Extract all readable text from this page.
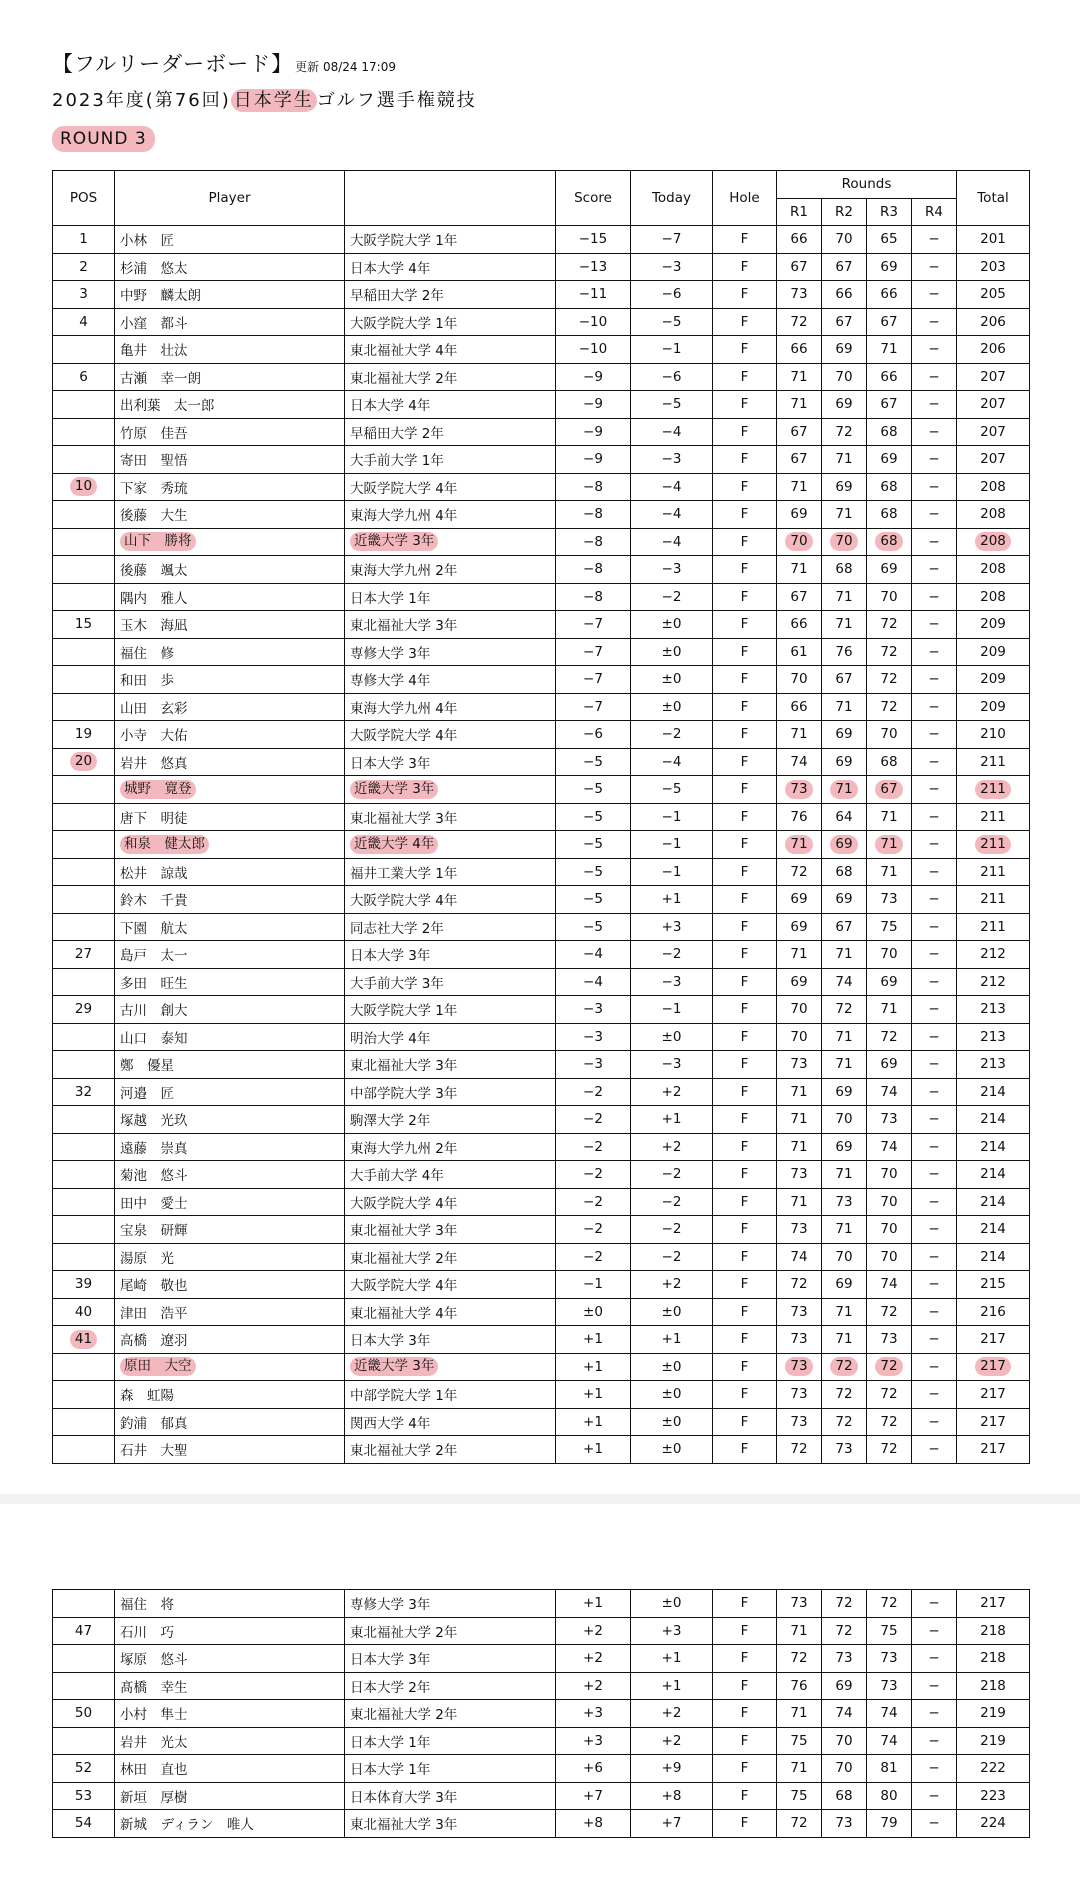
【フルリーダーボード】 更新 08/24 17:09
2023年度(第76回) 日本学生 ゴルフ選手権競技
ROUND 3
POS	Player		Score	Today	Hole	Rounds				Total
						R1	R2	R3	R4	
1	小林　匠	大阪学院大学 1年	−15	−7	F	66	70	65	−	201
2	杉浦　悠太	日本大学 4年	−13	−3	F	67	67	69	−	203
3	中野　麟太朗	早稲田大学 2年	−11	−6	F	73	66	66	−	205
4	小窪　都斗	大阪学院大学 1年	−10	−5	F	72	67	67	−	206
	亀井　壮汰	東北福祉大学 4年	−10	−1	F	66	69	71	−	206
6	古瀬　幸一朗	東北福祉大学 2年	−9	−6	F	71	70	66	−	207
	出利葉　太一郎	日本大学 4年	−9	−5	F	71	69	67	−	207
	竹原　佳吾	早稲田大学 2年	−9	−4	F	67	72	68	−	207
	寄田　聖悟	大手前大学 1年	−9	−3	F	67	71	69	−	207
10	下家　秀琉	大阪学院大学 4年	−8	−4	F	71	69	68	−	208
	後藤　大生	東海大学九州 4年	−8	−4	F	69	71	68	−	208
	山下　勝将	近畿大学 3年	−8	−4	F	70	70	68	−	208
	後藤　颯太	東海大学九州 2年	−8	−3	F	71	68	69	−	208
	隅内　雅人	日本大学 1年	−8	−2	F	67	71	70	−	208
15	玉木　海凪	東北福祉大学 3年	−7	±0	F	66	71	72	−	209
	福住　修	専修大学 3年	−7	±0	F	61	76	72	−	209
	和田　歩	専修大学 4年	−7	±0	F	70	67	72	−	209
	山田　玄彩	東海大学九州 4年	−7	±0	F	66	71	72	−	209
19	小寺　大佑	大阪学院大学 4年	−6	−2	F	71	69	70	−	210
20	岩井　悠真	日本大学 3年	−5	−4	F	74	69	68	−	211
	城野　寛登	近畿大学 3年	−5	−5	F	73	71	67	−	211
	唐下　明徒	東北福祉大学 3年	−5	−1	F	76	64	71	−	211
	和泉　健太郎	近畿大学 4年	−5	−1	F	71	69	71	−	211
	松井　諒哉	福井工業大学 1年	−5	−1	F	72	68	71	−	211
	鈴木　千貴	大阪学院大学 4年	−5	+1	F	69	69	73	−	211
	下園　航太	同志社大学 2年	−5	+3	F	69	67	75	−	211
27	島戸　太一	日本大学 3年	−4	−2	F	71	71	70	−	212
	多田　旺生	大手前大学 3年	−4	−3	F	69	74	69	−	212
29	古川　創大	大阪学院大学 1年	−3	−1	F	70	72	71	−	213
	山口　泰知	明治大学 4年	−3	±0	F	70	71	72	−	213
	鄭　優星	東北福祉大学 3年	−3	−3	F	73	71	69	−	213
32	河邉　匠	中部学院大学 3年	−2	+2	F	71	69	74	−	214
	塚越　光玖	駒澤大学 2年	−2	+1	F	71	70	73	−	214
	遠藤　崇真	東海大学九州 2年	−2	+2	F	71	69	74	−	214
	菊池　悠斗	大手前大学 4年	−2	−2	F	73	71	70	−	214
	田中　愛士	大阪学院大学 4年	−2	−2	F	71	73	70	−	214
	宝泉　研輝	東北福祉大学 3年	−2	−2	F	73	71	70	−	214
	湯原　光	東北福祉大学 2年	−2	−2	F	74	70	70	−	214
39	尾崎　敬也	大阪学院大学 4年	−1	+2	F	72	69	74	−	215
40	津田　浩平	東北福祉大学 4年	±0	±0	F	73	71	72	−	216
41	高橋　遼羽	日本大学 3年	+1	+1	F	73	71	73	−	217
	原田　大空	近畿大学 3年	+1	±0	F	73	72	72	−	217
	森　虹陽	中部学院大学 1年	+1	±0	F	73	72	72	−	217
	釣浦　郁真	関西大学 4年	+1	±0	F	73	72	72	−	217
	石井　大聖	東北福祉大学 2年	+1	±0	F	72	73	72	−	217
	福住　将	専修大学 3年	+1	±0	F	73	72	72	−	217
47	石川　巧	東北福祉大学 2年	+2	+3	F	71	72	75	−	218
	塚原　悠斗	日本大学 3年	+2	+1	F	72	73	73	−	218
	髙橋　幸生	日本大学 2年	+2	+1	F	76	69	73	−	218
50	小村　隼士	東北福祉大学 2年	+3	+2	F	71	74	74	−	219
	岩井　光太	日本大学 1年	+3	+2	F	75	70	74	−	219
52	林田　直也	日本大学 1年	+6	+9	F	71	70	81	−	222
53	新垣　厚樹	日本体育大学 3年	+7	+8	F	75	68	80	−	223
54	新城　ディラン　唯人	東北福祉大学 3年	+8	+7	F	72	73	79	−	224
